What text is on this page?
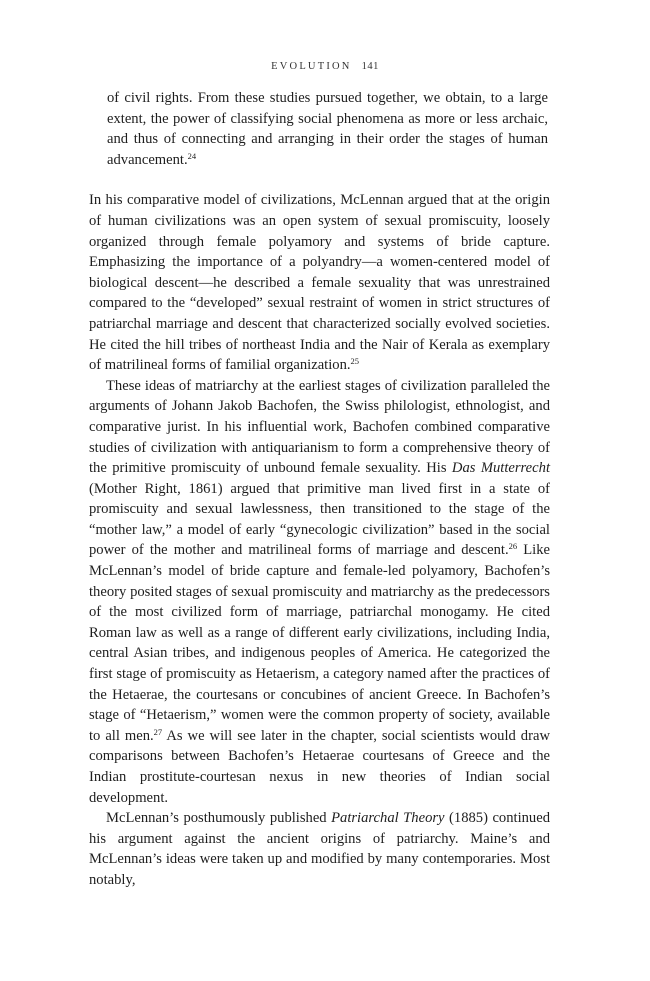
EVOLUTION 141

of civil rights. From these studies pursued together, we obtain, to a large extent, the power of classifying social phenomena as more or less archaic, and thus of connecting and arranging in their order the stages of human advancement.$^{24}$

In his comparative model of civilizations, McLennan argued that at the origin of human civilizations was an open system of sexual promiscuity, loosely organized through female polyamory and systems of bride capture. Emphasizing the importance of a polyandry—a women-centered model of biological descent—he described a female sexuality that was unrestrained compared to the “developed” sexual restraint of women in strict structures of patriarchal marriage and descent that characterized socially evolved societies. He cited the hill tribes of northeast India and the Nair of Kerala as exemplary of matrilineal forms of familial organization.$^{25}$

These ideas of matriarchy at the earliest stages of civilization paralleled the arguments of Johann Jakob Bachofen, the Swiss philologist, ethnologist, and comparative jurist. In his influential work, Bachofen combined comparative studies of civilization with antiquarianism to form a comprehensive theory of the primitive promiscuity of unbound female sexuality. His Das Mutterrecht (Mother Right, 1861) argued that primitive man lived first in a state of promiscuity and sexual lawlessness, then transitioned to the stage of the “mother law,” a model of early “gynecologic civilization” based in the social power of the mother and matrilineal forms of marriage and descent.$^{26}$ Like McLennan’s model of bride capture and female-led polyamory, Bachofen’s theory posited stages of sexual promiscuity and matriarchy as the predecessors of the most civilized form of marriage, patriarchal monogamy. He cited Roman law as well as a range of different early civilizations, including India, central Asian tribes, and indigenous peoples of America. He categorized the first stage of promiscuity as Hetaerism, a category named after the practices of the Hetaerae, the courtesans or concubines of ancient Greece. In Bachofen’s stage of “Hetaerism,” women were the common property of society, available to all men.$^{27}$ As we will see later in the chapter, social scientists would draw comparisons between Bachofen’s Hetaerae courtesans of Greece and the Indian prostitute-courtesan nexus in new theories of Indian social development.

McLennan’s posthumously published Patriarchal Theory (1885) continued his argument against the ancient origins of patriarchy. Maine’s and McLennan’s ideas were taken up and modified by many contemporaries. Most notably,
